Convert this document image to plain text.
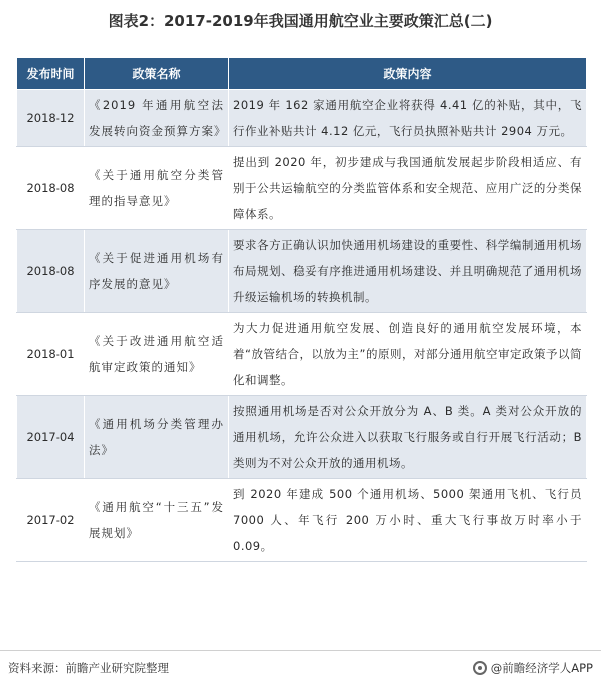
图表2：2017-2019年我国通用航空业主要政策汇总(二)
发布时间	政策名称	政策内容
2018-12	《2019 年通用航空法发展转向资金预算方案》	2019 年 162 家通用航空企业将获得 4.41 亿的补贴，其中，飞行作业补贴共计 4.12 亿元，飞行员执照补贴共计 2904 万元。
2018-08	《关于通用航空分类管理的指导意见》	提出到 2020 年，初步建成与我国通航发展起步阶段相适应、有别于公共运输航空的分类监管体系和安全规范、应用广泛的分类保障体系。
2018-08	《关于促进通用机场有序发展的意见》	要求各方正确认识加快通用机场建设的重要性、科学编制通用机场布局规划、稳妥有序推进通用机场建设、并且明确规范了通用机场升级运输机场的转换机制。
2018-01	《关于改进通用航空适航审定政策的通知》	为大力促进通用航空发展、创造良好的通用航空发展环境，本着“放管结合，以放为主”的原则，对部分通用航空审定政策予以简化和调整。
2017-04	《通用机场分类管理办法》	按照通用机场是否对公众开放分为 A、B 类。A 类对公众开放的通用机场，允许公众进入以获取飞行服务或自行开展飞行活动；B 类则为不对公众开放的通用机场。
2017-02	《通用航空“十三五”发展规划》	到 2020 年建成 500 个通用机场、5000 架通用飞机、飞行员 7000 人、年飞行 200 万小时、重大飞行事故万时率小于 0.09。
资料来源：前瞻产业研究院整理	@前瞻经济学人APP
